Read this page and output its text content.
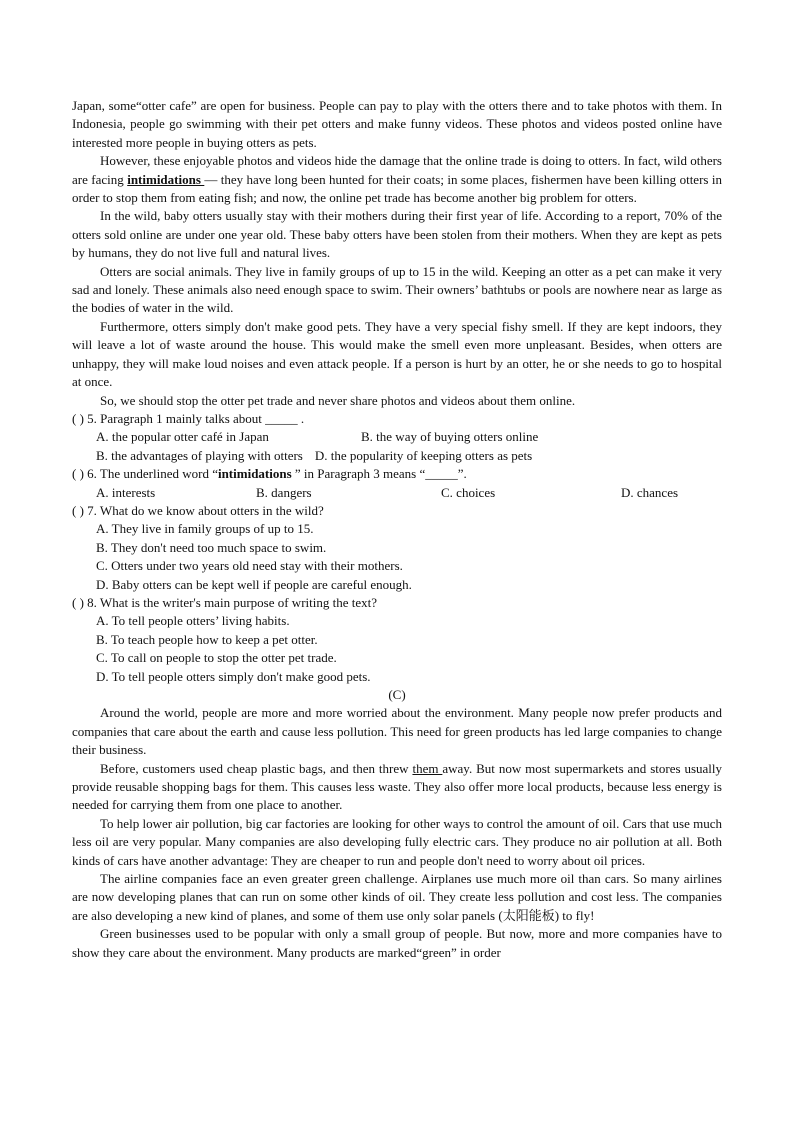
Japan, some“otter cafe” are open for business. People can pay to play with the otters there and to take photos with them. In Indonesia, people go swimming with their pet otters and make funny videos. These photos and videos posted online have interested more people in buying otters as pets.

However, these enjoyable photos and videos hide the damage that the online trade is doing to otters. In fact, wild others are facing intimidations — they have long been hunted for their coats; in some places, fishermen have been killing otters in order to stop them from eating fish; and now, the online pet trade has become another big problem for otters.

In the wild, baby otters usually stay with their mothers during their first year of life. According to a report, 70% of the otters sold online are under one year old. These baby otters have been stolen from their mothers. When they are kept as pets by humans, they do not live full and natural lives.

Otters are social animals. They live in family groups of up to 15 in the wild. Keeping an otter as a pet can make it very sad and lonely. These animals also need enough space to swim. Their owners’ bathtubs or pools are nowhere near as large as the bodies of water in the wild.

Furthermore, otters simply don't make good pets. They have a very special fishy smell. If they are kept indoors, they will leave a lot of waste around the house. This would make the smell even more unpleasant. Besides, when otters are unhappy, they will make loud noises and even attack people. If a person is hurt by an otter, he or she needs to go to hospital at once.

So, we should stop the otter pet trade and never share photos and videos about them online.

( ) 5. Paragraph 1 mainly talks about _____ .

A. the popular otter café in Japan	B. the way of buying otters online
B. the advantages of playing with otters D. the popularity of keeping otters as pets

( ) 6. The underlined word “intimidations ” in Paragraph 3 means “_____”.

A. interests	B. dangers	C. choices	D. chances

( ) 7. What do we know about otters in the wild?

A. They live in family groups of up to 15.

B. They don't need too much space to swim.

C. Otters under two years old need stay with their mothers.

D. Baby otters can be kept well if people are careful enough.

( ) 8. What is the writer's main purpose of writing the text?

A. To tell people otters’ living habits.

B. To teach people how to keep a pet otter.

C. To call on people to stop the otter pet trade.

D. To tell people otters simply don't make good pets.

(C)

Around the world, people are more and more worried about the environment. Many people now prefer products and companies that care about the earth and cause less pollution. This need for green products has led large companies to change their business.

Before, customers used cheap plastic bags, and then threw them away. But now most supermarkets and stores usually provide reusable shopping bags for them. This causes less waste. They also offer more local products, because less energy is needed for carrying them from one place to another.

To help lower air pollution, big car factories are looking for other ways to control the amount of oil. Cars that use much less oil are very popular. Many companies are also developing fully electric cars. They produce no air pollution at all. Both kinds of cars have another advantage: They are cheaper to run and people don't need to worry about oil prices.

The airline companies face an even greater green challenge. Airplanes use much more oil than cars. So many airlines are now developing planes that can run on some other kinds of oil. They create less pollution and cost less. The companies are also developing a new kind of planes, and some of them use only solar panels (太阳能板) to fly!

Green businesses used to be popular with only a small group of people. But now, more and more companies have to show they care about the environment. Many products are marked“green” in order
